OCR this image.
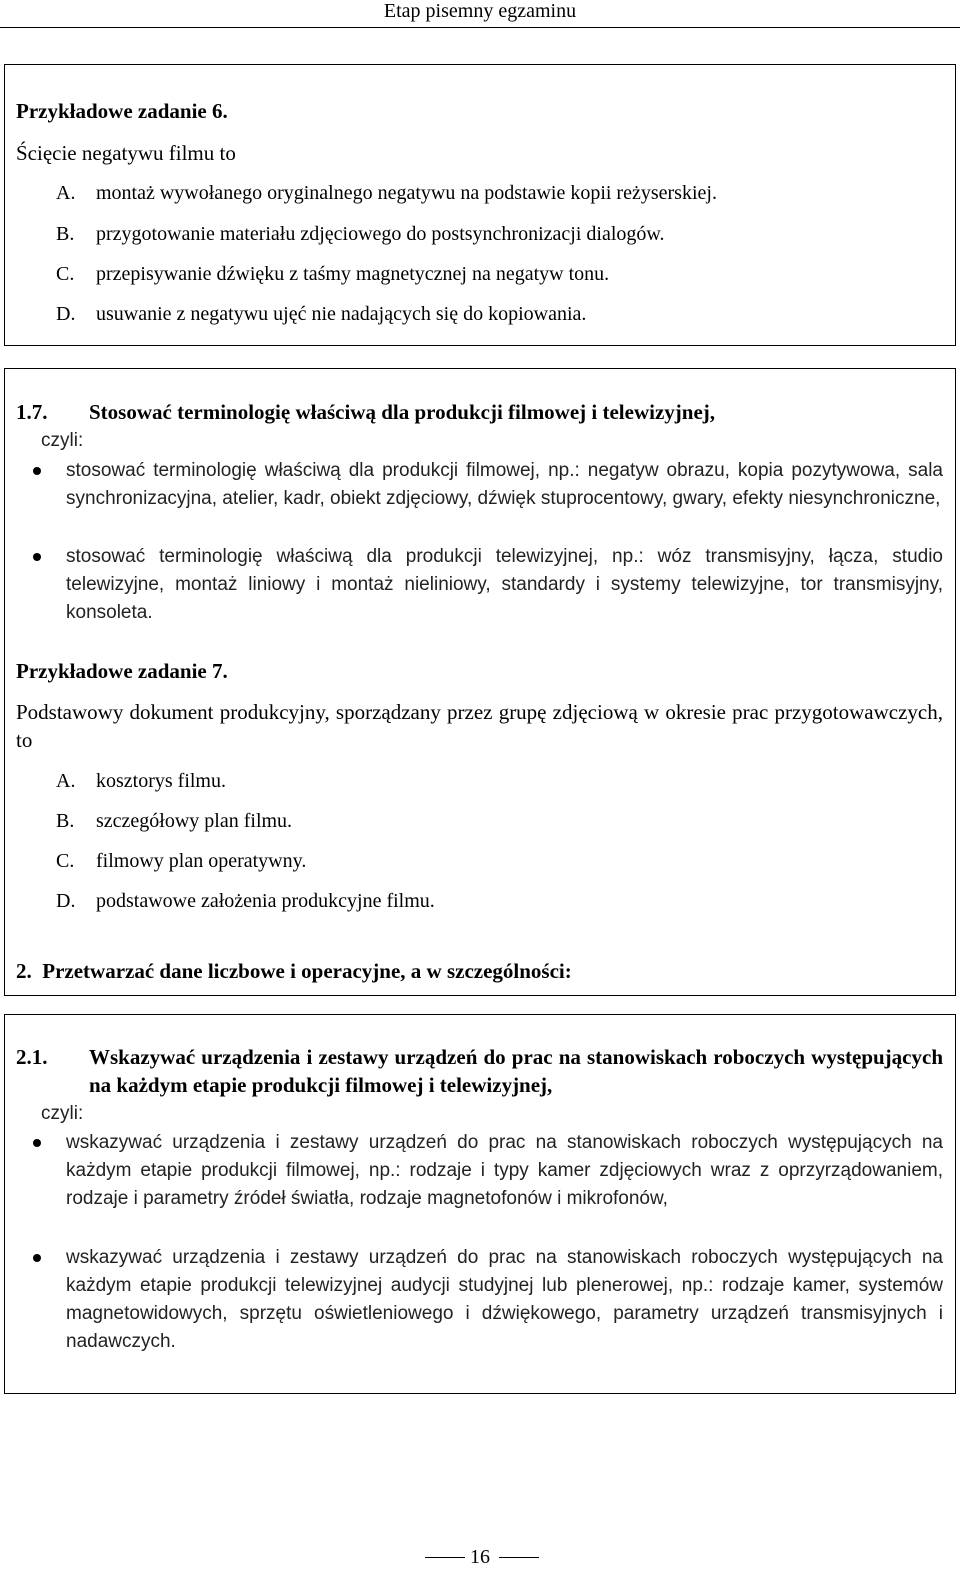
Etap pisemny egzaminu
Przykładowe zadanie 6.
Ścięcie negatywu filmu to
A. montaż wywołanego oryginalnego negatywu na podstawie kopii reżyserskiej.
B. przygotowanie materiału zdjęciowego do postsynchronizacji dialogów.
C. przepisywanie dźwięku z taśmy magnetycznej na negatyw tonu.
D. usuwanie z negatywu ujęć nie nadających się do kopiowania.
1.7. Stosować terminologię właściwą dla produkcji filmowej i telewizyjnej,
czyli:
stosować terminologię właściwą dla produkcji filmowej, np.: negatyw obrazu, kopia pozytywowa, sala synchronizacyjna, atelier, kadr, obiekt zdjęciowy, dźwięk stuprocentowy, gwary, efekty niesynchroniczne,
stosować terminologię właściwą dla produkcji telewizyjnej, np.: wóz transmisyjny, łącza, studio telewizyjne, montaż liniowy i montaż nieliniowy, standardy i systemy telewizyjne, tor transmisyjny, konsoleta.
Przykładowe zadanie 7.
Podstawowy dokument produkcyjny, sporządzany przez grupę zdjęciową w okresie prac przygotowawczych, to
A. kosztorys filmu.
B. szczegółowy plan filmu.
C. filmowy plan operatywny.
D. podstawowe założenia produkcyjne filmu.
2.  Przetwarzać dane liczbowe i operacyjne, a w szczególności:
2.1. Wskazywać urządzenia i zestawy urządzeń do prac na stanowiskach roboczych występujących na każdym etapie produkcji filmowej i telewizyjnej,
czyli:
wskazywać urządzenia i zestawy urządzeń do prac na stanowiskach roboczych występujących na każdym etapie produkcji filmowej, np.: rodzaje i typy kamer zdjęciowych wraz z oprzyrządowaniem, rodzaje i parametry źródeł światła, rodzaje magnetofonów i mikrofonów,
wskazywać urządzenia i zestawy urządzeń do prac na stanowiskach roboczych występujących na każdym etapie produkcji telewizyjnej audycji studyjnej lub plenerowej, np.: rodzaje kamer, systemów magnetowidowych, sprzętu oświetleniowego i dźwiękowego, parametry urządzeń transmisyjnych i nadawczych.
16
